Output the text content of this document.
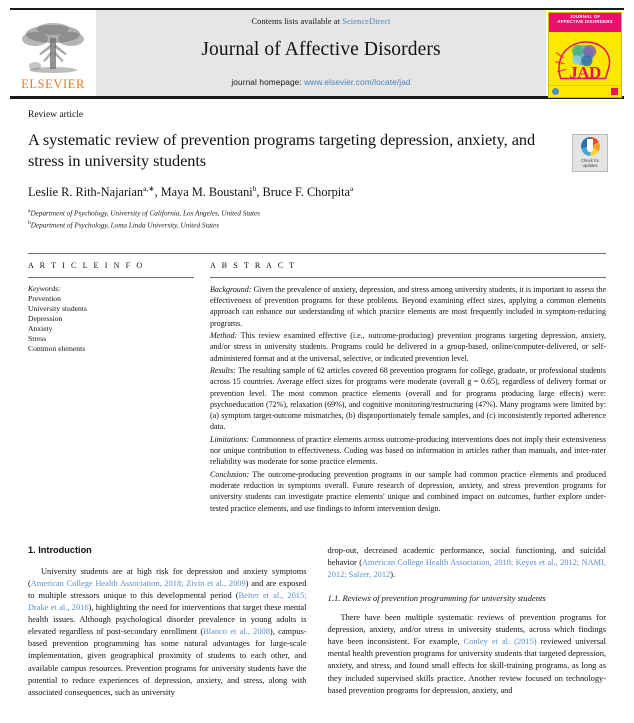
ELSEVIER
Contents lists available at ScienceDirect
Journal of Affective Disorders
journal homepage: www.elsevier.com/locate/jad
JOURNAL OF
AFFECTIVE DISORDERS
JAD
Review article
A systematic review of prevention programs targeting depression, anxiety, and stress in university students	Check for
updates
Leslie R. Rith-Najarian$^{a,∗}$, Maya M. Boustani$^b$, Bruce F. Chorpita$^a$
$^a$Department of Psychology, University of California, Los Angeles, United States
$^b$Department of Psychology, Loma Linda University, United States
A R T I C L E I N F O
Keywords:
Prevention
University students
Depression
Anxiety
Stress
Common elements
A B S T R A C T

Background: Given the prevalence of anxiety, depression, and stress among university students, it is important to assess the effectiveness of prevention programs for these problems. Beyond examining effect sizes, applying a common elements approach can enhance our understanding of which practice elements are most frequently included in symptom-reducing programs.

Method: This review examined effective (i.e., outcome-producing) prevention programs targeting depression, anxiety, and/or stress in university students. Programs could be delivered in a group-based, online/computer-delivered, or self-administered format and at the universal, selective, or indicated prevention level.

Results: The resulting sample of 62 articles covered 68 prevention programs for college, graduate, or professional students across 15 countries. Average effect sizes for programs were moderate (overall g = 0.65), regardless of delivery format or prevention level. The most common practice elements (overall and for programs producing large effects) were: psychoeducation (72%), relaxation (69%), and cognitive monitoring/restructuring (47%). Many programs were limited by: (a) symptom target-outcome mismatches, (b) disproportionately female samples, and (c) inconsistently reported adherence data.

Limitations: Commonness of practice elements across outcome-producing interventions does not imply their extensiveness nor unique contribution to effectiveness. Coding was based on information in articles rather than manuals, and inter-rater reliability was moderate for some practice elements.

Conclusion: The outcome-producing prevention programs in our sample had common practice elements and produced moderate reduction in symptoms overall. Future research of depression, anxiety, and stress prevention programs for university students can investigate practice elements' unique and combined impact on outcomes, further explore under-tested practice elements, and use findings to inform intervention design.

1. Introduction

University students are at high risk for depression and anxiety symptoms (American College Health Association, 2018; Zivin et al., 2009) and are exposed to multiple stressors unique to this developmental period (Beiter et al., 2015; Drake et al., 2016), highlighting the need for interventions that target these mental health issues. Although psychological disorder prevalence in young adults is elevated regardless of post-secondary enrollment (Blanco et al., 2008), campus-based prevention programming has some natural advantages for large-scale implementation, given geographical proximity of students to each other, and available campus resources. Prevention programs for university students have the potential to reduce experiences of depression, anxiety, and stress, along with associated consequences, such as university

drop-out, decreased academic performance, social functioning, and suicidal behavior (American College Health Association, 2018; Keyes et al., 2012; NAMI, 2012; Salzer, 2012).

1.1. Reviews of prevention programming for university students

There have been multiple systematic reviews of prevention programs for depression, anxiety, and/or stress in university students, across which findings have been inconsistent. For example, Conley et al. (2015) reviewed universal mental health prevention programs for university students that targeted depression, anxiety, and stress, and found small effects for skill-training programs, as long as they included supervised skills practice. Another review focused on technology-based prevention programs for depression, anxiety, and
